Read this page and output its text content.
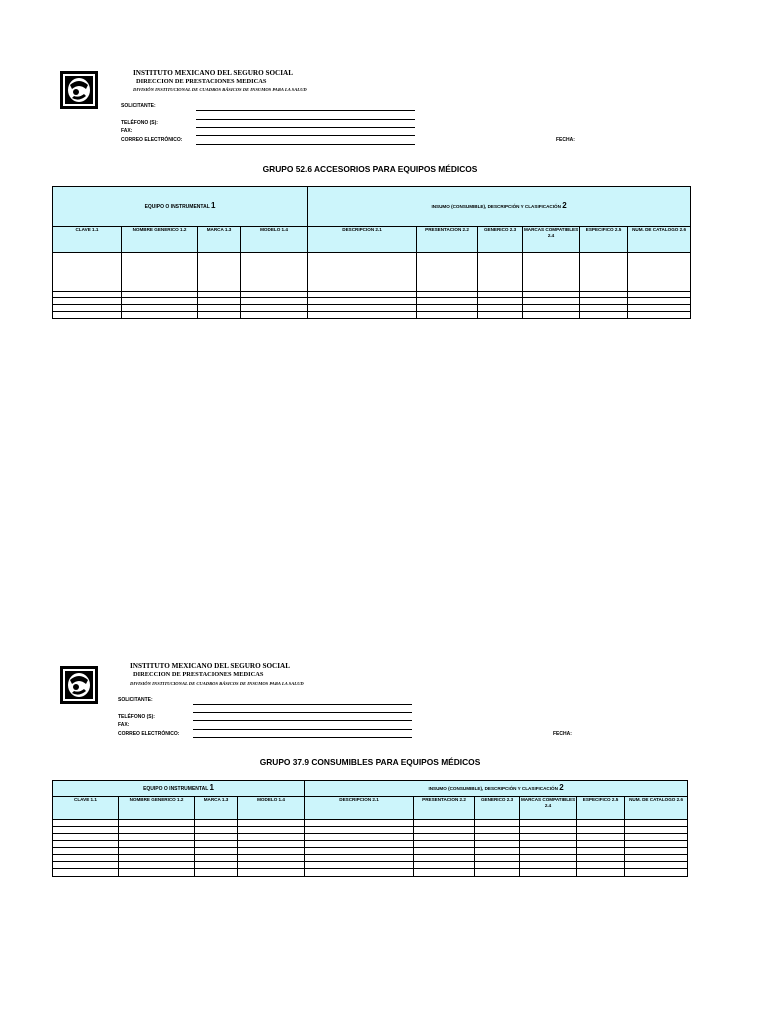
INSTITUTO MEXICANO DEL SEGURO SOCIAL
DIRECCION DE PRESTACIONES MEDICAS
DIVISIÓN INSTITUCIONAL DE CUADROS BÁSICOS DE INSUMOS PARA LA SALUD
SOLICITANTE:
TELÉFONO (S):
FAX:
CORREO ELECTRÓNICO:	FECHA:
GRUPO 52.6 ACCESORIOS PARA EQUIPOS MÉDICOS
EQUIPO O INSTRUMENTAL 1				INSUMO (CONSUMIBLE), DESCRIPCIÓN Y CLASIFICACIÓN 2					
CLAVE 1.1	NOMBRE GENERICO 1.2	MARCA 1.3	MODELO 1.4	DESCRIPCION 2.1	PRESENTACION 2.2	GENERICO 2.3	MARCAS COMPATIBLES 2.4	ESPECIFICO 2.5	NUM. DE CATALOGO 2.6

INSTITUTO MEXICANO DEL SEGURO SOCIAL
DIRECCION DE PRESTACIONES MEDICAS
DIVISIÓN INSTITUCIONAL DE CUADROS BÁSICOS DE INSUMOS PARA LA SALUD
SOLICITANTE:
TELÉFONO (S):
FAX:
CORREO ELECTRÓNICO:	FECHA:
GRUPO 37.9 CONSUMIBLES PARA EQUIPOS MÉDICOS
EQUIPO O INSTRUMENTAL 1				INSUMO (CONSUMIBLE), DESCRIPCIÓN Y CLASIFICACIÓN 2					
CLAVE 1.1	NOMBRE GENERICO 1.2	MARCA 1.3	MODELO 1.4	DESCRIPCION 2.1	PRESENTACION 2.2	GENERICO 2.3	MARCAS COMPATIBLES 2.4	ESPECIFICO 2.5	NUM. DE CATALOGO 2.6
